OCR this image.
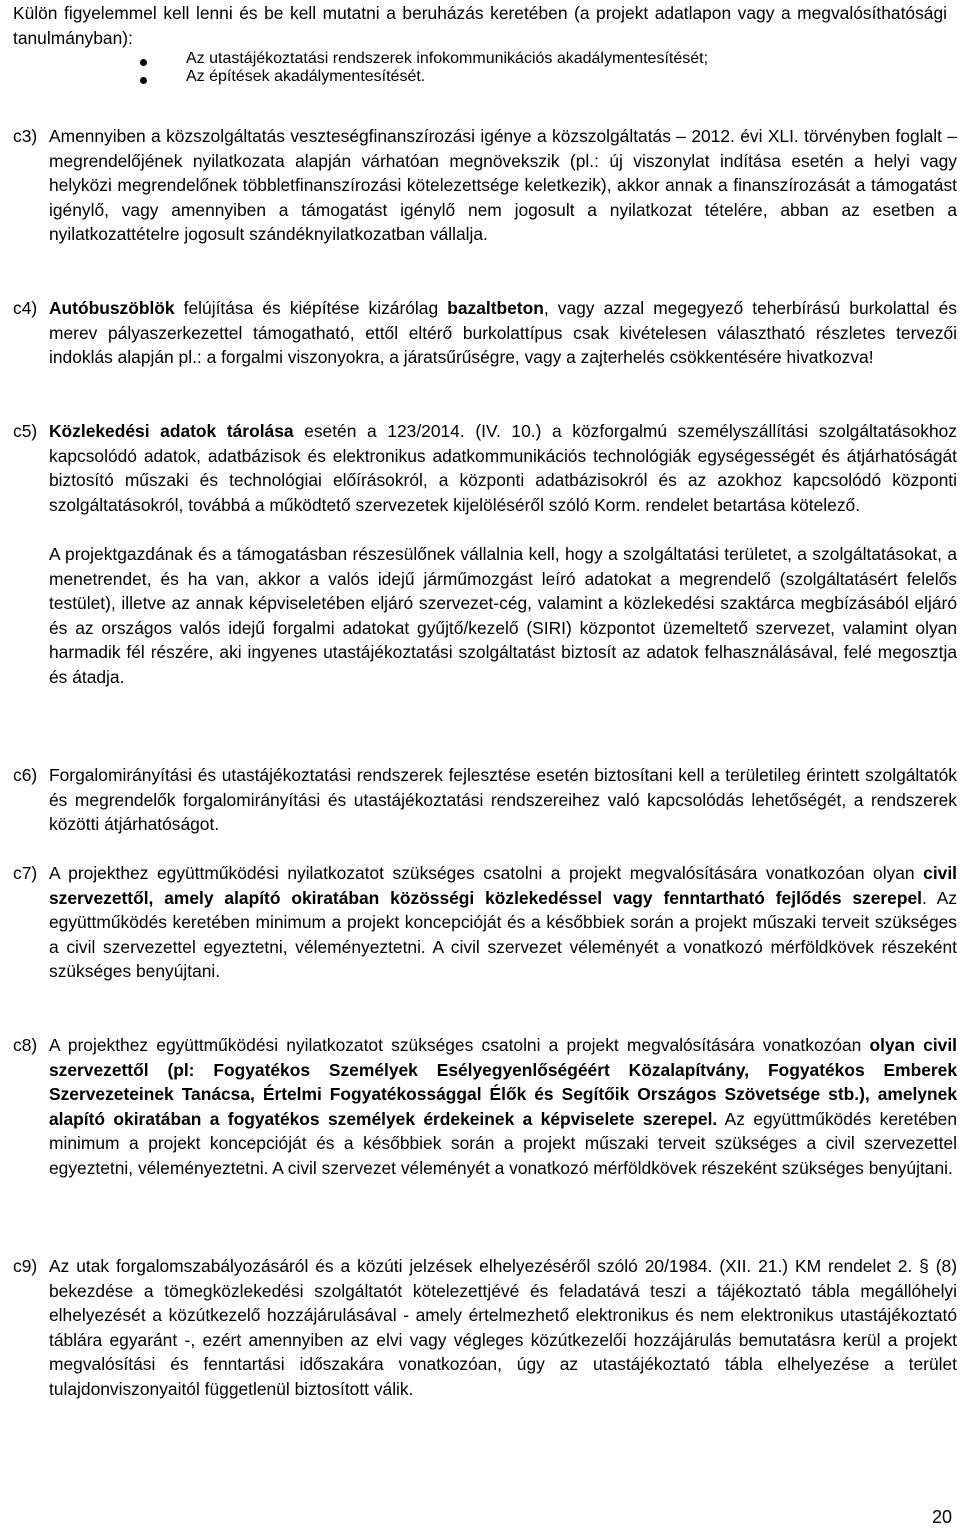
Külön figyelemmel kell lenni és be kell mutatni a beruházás keretében (a projekt adatlapon vagy a megvalósíthatósági tanulmányban):

Az utastájékoztatási rendszerek infokommunikációs akadálymentesítését;
Az építések akadálymentesítését.
c3) Amennyiben a közszolgáltatás veszteségfinanszírozási igénye a közszolgáltatás – 2012. évi XLI. törvényben foglalt – megrendelőjének nyilatkozata alapján várhatóan megnövekszik (pl.: új viszonylat indítása esetén a helyi vagy helyközi megrendelőnek többletfinanszírozási kötelezettsége keletkezik), akkor annak a finanszírozását a támogatást igénylő, vagy amennyiben a támogatást igénylő nem jogosult a nyilatkozat tételére, abban az esetben a nyilatkozattételre jogosult szándéknyilatkozatban vállalja.
c4) Autóbuszöblök felújítása és kiépítése kizárólag bazaltbeton, vagy azzal megegyező teherbírású burkolattal és merev pályaszerkezettel támogatható, ettől eltérő burkolattípus csak kivételesen választható részletes tervezői indoklás alapján pl.: a forgalmi viszonyokra, a járatsűrűségre, vagy a zajterhelés csökkentésére hivatkozva!
c5) Közlekedési adatok tárolása esetén a 123/2014. (IV. 10.) a közforgalmú személyszállítási szolgáltatásokhoz kapcsolódó adatok, adatbázisok és elektronikus adatkommunikációs technológiák egységességét és átjárhatóságát biztosító műszaki és technológiai előírásokról, a központi adatbázisokról és az azokhoz kapcsolódó központi szolgáltatásokról, továbbá a működtető szervezetek kijelöléséről szóló Korm. rendelet betartása kötelező.

A projektgazdának és a támogatásban részesülőnek vállalnia kell, hogy a szolgáltatási területet, a szolgáltatásokat, a menetrendet, és ha van, akkor a valós idejű járműmozgást leíró adatokat a megrendelő (szolgáltatásért felelős testület), illetve az annak képviseletében eljáró szervezet-cég, valamint a közlekedési szaktárca megbízásából eljáró és az országos valós idejű forgalmi adatokat gyűjtő/kezelő (SIRI) központot üzemeltető szervezet, valamint olyan harmadik fél részére, aki ingyenes utastájékoztatási szolgáltatást biztosít az adatok felhasználásával, felé megosztja és átadja.

c6) Forgalomirányítási és utastájékoztatási rendszerek fejlesztése esetén biztosítani kell a területileg érintett szolgáltatók és megrendelők forgalomirányítási és utastájékoztatási rendszereihez való kapcsolódás lehetőségét, a rendszerek közötti átjárhatóságot.
c7) A projekthez együttműködési nyilatkozatot szükséges csatolni a projekt megvalósítására vonatkozóan olyan civil szervezettől, amely alapító okiratában közösségi közlekedéssel vagy fenntartható fejlődés szerepel. Az együttműködés keretében minimum a projekt koncepcióját és a későbbiek során a projekt műszaki terveit szükséges a civil szervezettel egyeztetni, véleményeztetni. A civil szervezet véleményét a vonatkozó mérföldkövek részeként szükséges benyújtani.
c8) A projekthez együttműködési nyilatkozatot szükséges csatolni a projekt megvalósítására vonatkozóan olyan civil szervezettől (pl: Fogyatékos Személyek Esélyegyenlőségéért Közalapítvány, Fogyatékos Emberek Szervezeteinek Tanácsa, Értelmi Fogyatékossággal Élők és Segítőik Országos Szövetsége stb.), amelynek alapító okiratában a fogyatékos személyek érdekeinek a képviselete szerepel. Az együttműködés keretében minimum a projekt koncepcióját és a későbbiek során a projekt műszaki terveit szükséges a civil szervezettel egyeztetni, véleményeztetni. A civil szervezet véleményét a vonatkozó mérföldkövek részeként szükséges benyújtani.
c9) Az utak forgalomszabályozásáról és a közúti jelzések elhelyezéséről szóló 20/1984. (XII. 21.) KM rendelet 2. § (8) bekezdése a tömegközlekedési szolgáltatót kötelezettjévé és feladatává teszi a tájékoztató tábla megállóhelyi elhelyezését a közútkezelő hozzájárulásával - amely értelmezhető elektronikus és nem elektronikus utastájékoztató táblára egyaránt -, ezért amennyiben az elvi vagy végleges közútkezelői hozzájárulás bemutatásra kerül a projekt megvalósítási és fenntartási időszakára vonatkozóan, úgy az utastájékoztató tábla elhelyezése a terület tulajdonviszonyaitól függetlenül biztosított válik.
20
